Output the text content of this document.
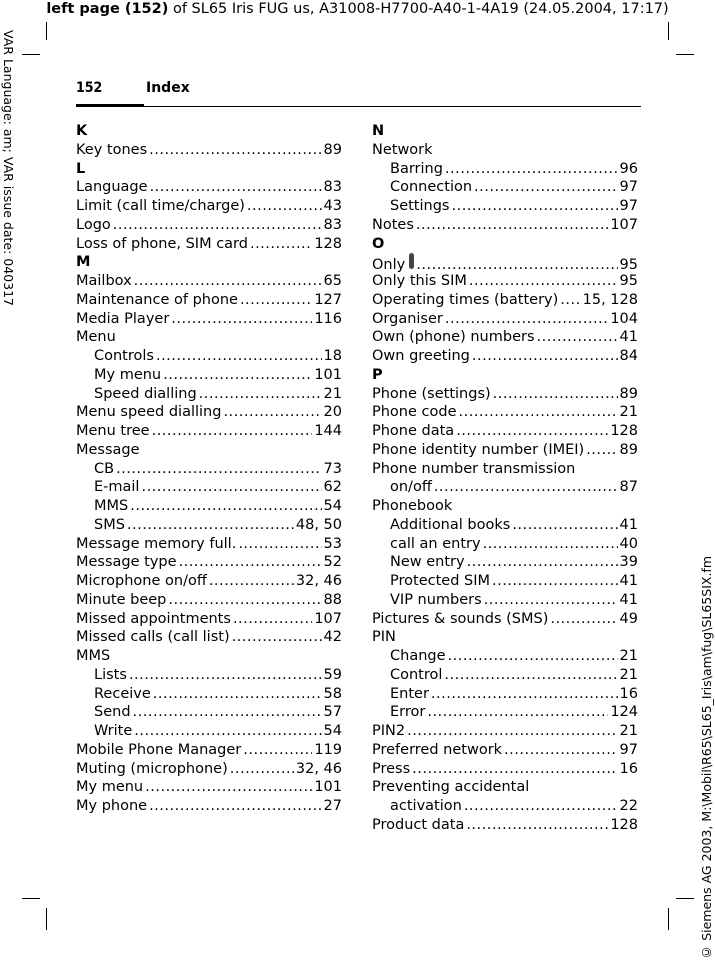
left page (152) of SL65 Iris FUG us, A31008-H7700-A40-1-4A19 (24.05.2004, 17:17)
VAR Language: am; VAR issue date: 040317
© Siemens AG 2003, M:\Mobil\R65\SL65_Iris\am\fug\SL65SIX.fm
152	Index
K
Key tones .....	89
L
Language .....	83
Limit (call time/charge) .....	43
Logo .....	83
Loss of phone, SIM card .....	128
M
Mailbox .....	65
Maintenance of phone .....	127
Media Player .....	116
Menu
Controls .....	18
My menu .....	101
Speed dialling .....	21
Menu speed dialling .....	20
Menu tree .....	144
Message
CB .....	73
E-mail .....	62
MMS .....	54
SMS .....	48, 50
Message memory full. .....	53
Message type .....	52
Microphone on/off .....	32, 46
Minute beep .....	88
Missed appointments .....	107
Missed calls (call list) .....	42
MMS
Lists .....	59
Receive .....	58
Send .....	57
Write .....	54
Mobile Phone Manager .....	119
Muting (microphone) .....	32, 46
My menu .....	101
My phone .....	27
N
Network
Barring .....	96
Connection .....	97
Settings .....	97
Notes .....	107
O
Only .....	95
Only this SIM .....	95
Operating times (battery) ..... 15, 128
Organiser .....	104
Own (phone) numbers .....	41
Own greeting .....	84
P
Phone (settings) .....	89
Phone code .....	21
Phone data .....	128
Phone identity number (IMEI) ..... 89
Phone number transmission
on/off .....	87
Phonebook
Additional books .....	41
call an entry .....	40
New entry .....	39
Protected SIM .....	41
VIP numbers .....	41
Pictures & sounds (SMS) .....	49
PIN
Change .....	21
Control .....	21
Enter .....	16
Error .....	124
PIN2 .....	21
Preferred network .....	97
Press .....	16
Preventing accidental
activation .....	22
Product data .....	128
